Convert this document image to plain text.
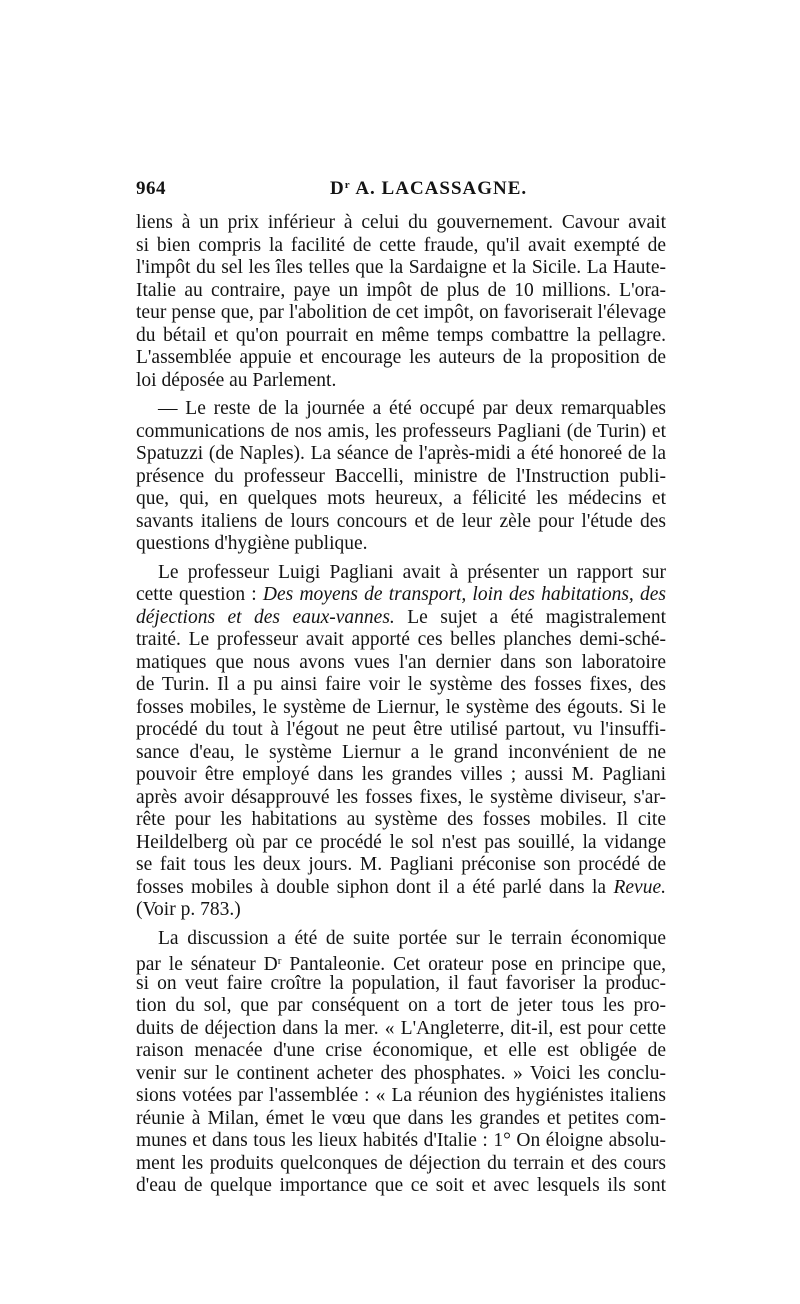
964	$D^r$ A. LACASSAGNE.
liens à un prix inférieur à celui du gouvernement. Cavour avait
si bien compris la facilité de cette fraude, qu'il avait exempté de
l'impôt du sel les îles telles que la Sardaigne et la Sicile. La Haute-
Italie au contraire, paye un impôt de plus de 10 millions. L'ora-
teur pense que, par l'abolition de cet impôt, on favoriserait l'élevage
du bétail et qu'on pourrait en même temps combattre la pellagre.
L'assemblée appuie et encourage les auteurs de la proposition de
loi déposée au Parlement.
— Le reste de la journée a été occupé par deux remarquables
communications de nos amis, les professeurs Pagliani (de Turin) et
Spatuzzi (de Naples). La séance de l'après-midi a été honoreé de la
présence du professeur Baccelli, ministre de l'Instruction publi-
que, qui, en quelques mots heureux, a félicité les médecins et
savants italiens de lours concours et de leur zèle pour l'étude des
questions d'hygiène publique.
Le professeur Luigi Pagliani avait à présenter un rapport sur
cette question : Des moyens de transport, loin des habitations, des
déjections et des eaux-vannes. Le sujet a été magistralement
traité. Le professeur avait apporté ces belles planches demi-sché-
matiques que nous avons vues l'an dernier dans son laboratoire
de Turin. Il a pu ainsi faire voir le système des fosses fixes, des
fosses mobiles, le système de Liernur, le système des égouts. Si le
procédé du tout à l'égout ne peut être utilisé partout, vu l'insuffi-
sance d'eau, le système Liernur a le grand inconvénient de ne
pouvoir être employé dans les grandes villes ; aussi M. Pagliani
après avoir désapprouvé les fosses fixes, le système diviseur, s'ar-
rête pour les habitations au système des fosses mobiles. Il cite
Heildelberg où par ce procédé le sol n'est pas souillé, la vidange
se fait tous les deux jours. M. Pagliani préconise son procédé de
fosses mobiles à double siphon dont il a été parlé dans la Revue.
(Voir p. 783.)
La discussion a été de suite portée sur le terrain économique
par le sénateur $D^r$ Pantaleonie. Cet orateur pose en principe que,
si on veut faire croître la population, il faut favoriser la produc-
tion du sol, que par conséquent on a tort de jeter tous les pro-
duits de déjection dans la mer. « L'Angleterre, dit-il, est pour cette
raison menacée d'une crise économique, et elle est obligée de
venir sur le continent acheter des phosphates. » Voici les conclu-
sions votées par l'assemblée : « La réunion des hygiénistes italiens
réunie à Milan, émet le vœu que dans les grandes et petites com-
munes et dans tous les lieux habités d'Italie : 1° On éloigne absolu-
ment les produits quelconques de déjection du terrain et des cours
d'eau de quelque importance que ce soit et avec lesquels ils sont
